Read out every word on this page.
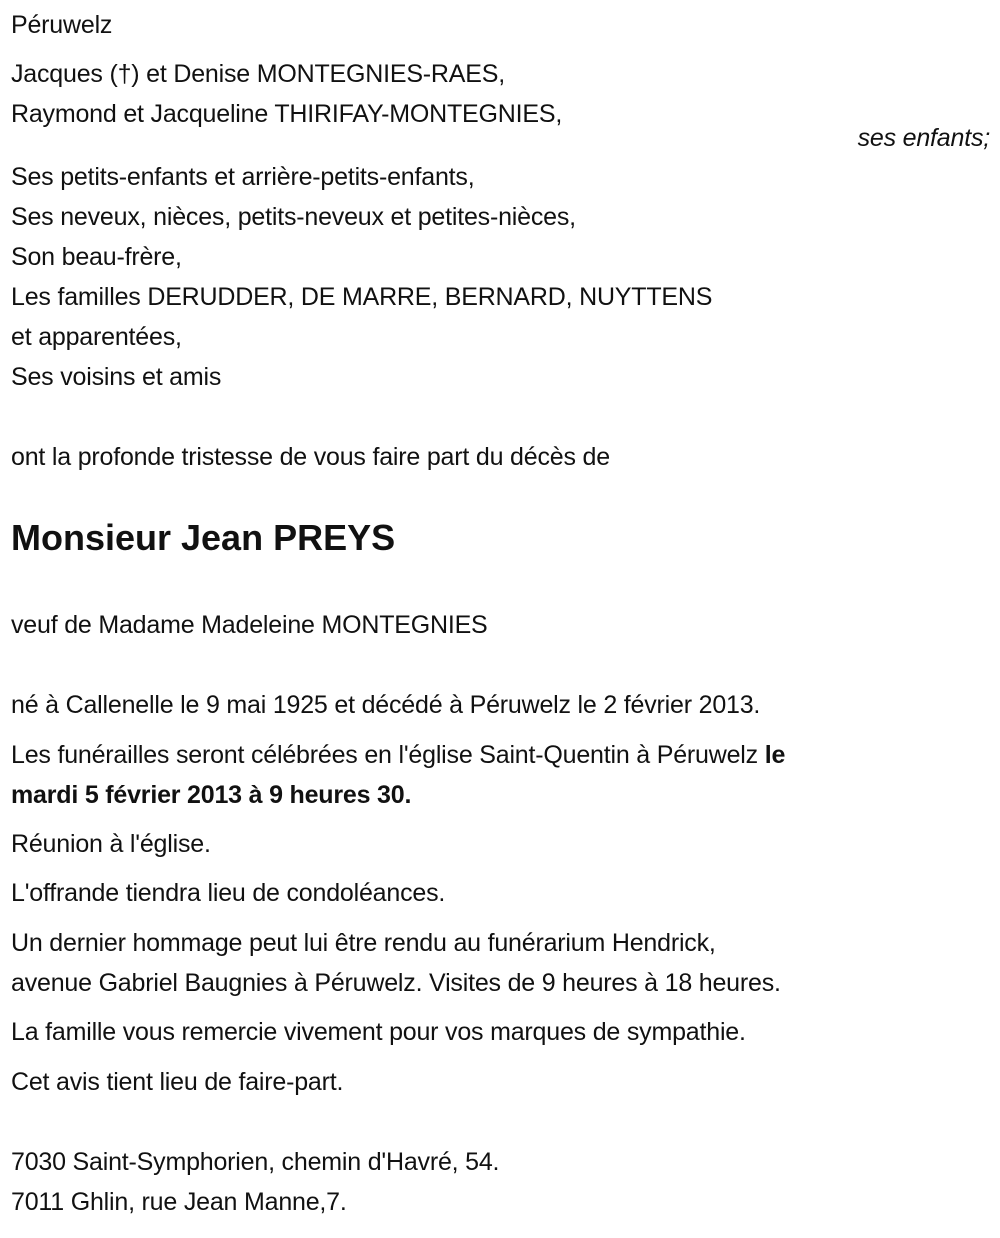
Péruwelz
Jacques (†) et Denise MONTEGNIES-RAES,
Raymond et Jacqueline THIRIFAY-MONTEGNIES,
ses enfants;
Ses petits-enfants et arrière-petits-enfants,
Ses neveux, nièces, petits-neveux et petites-nièces,
Son beau-frère,
Les familles DERUDDER, DE MARRE, BERNARD, NUYTTENS
et apparentées,
Ses voisins et amis
ont la profonde tristesse de vous faire part du décès de
Monsieur Jean PREYS
veuf de Madame Madeleine MONTEGNIES
né à Callenelle le 9 mai 1925 et décédé à Péruwelz le 2 février 2013.
Les funérailles seront célébrées en l'église Saint-Quentin à Péruwelz le
mardi 5 février 2013 à 9 heures 30.
Réunion à l'église.
L'offrande tiendra lieu de condoléances.
Un dernier hommage peut lui être rendu au funérarium Hendrick,
avenue Gabriel Baugnies à Péruwelz. Visites de 9 heures à 18 heures.
La famille vous remercie vivement pour vos marques de sympathie.
Cet avis tient lieu de faire-part.
7030 Saint-Symphorien, chemin d'Havré, 54.
7011 Ghlin, rue Jean Manne,7.
